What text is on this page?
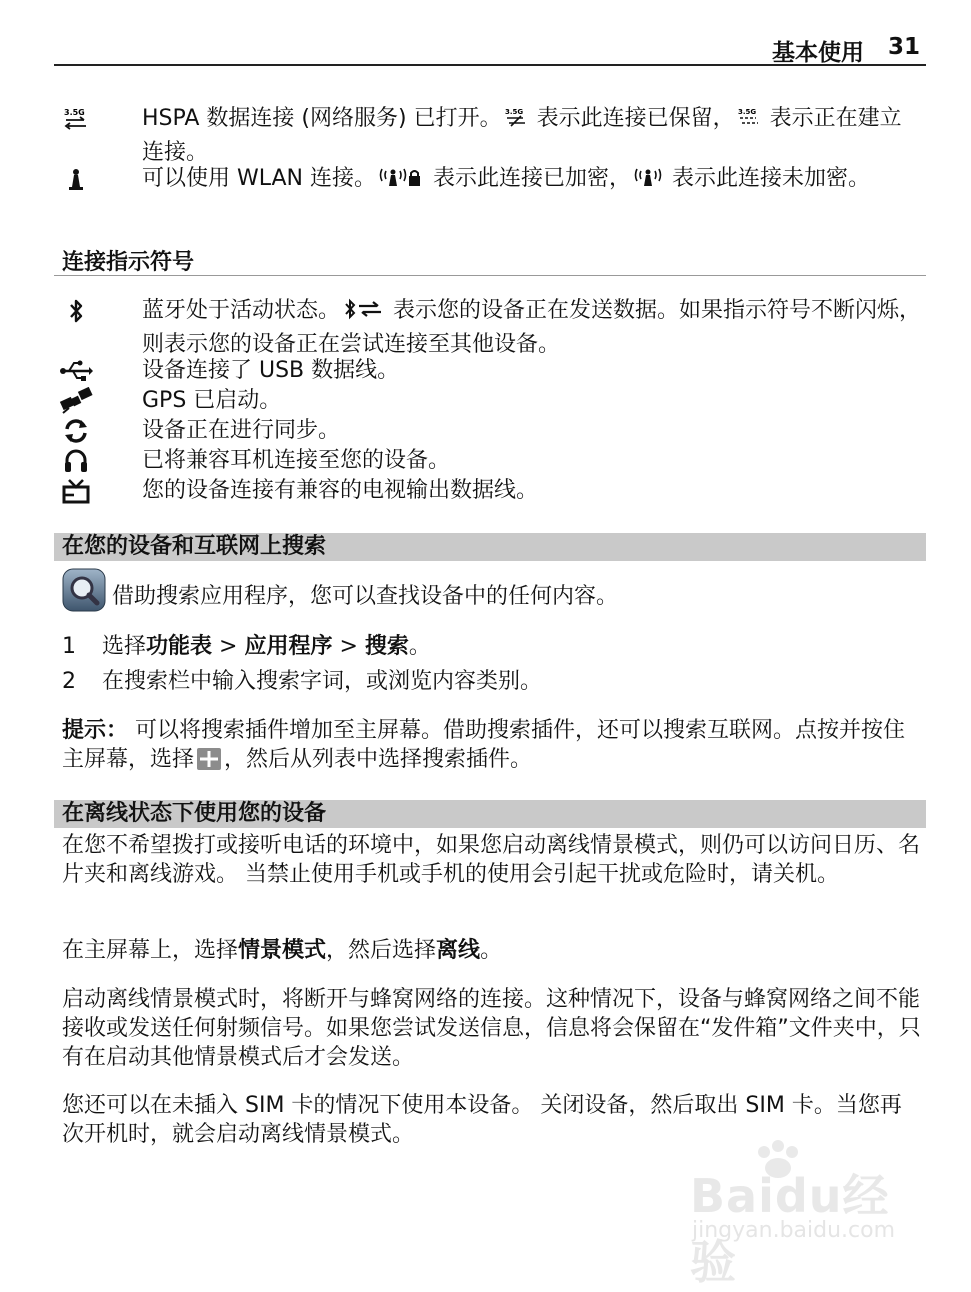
基本使用 31
3.5G	HSPA 数据连接 (网络服务) 已打开。 3.5G 表示此连接已保留， 3.5G 表示正在建立连接。
可以使用 WLAN 连接。 表示此连接已加密， 表示此连接未加密。
连接指示符号
蓝牙处于活动状态。 表示您的设备正在发送数据。如果指示符号不断闪烁，则表示您的设备正在尝试连接至其他设备。
设备连接了 USB 数据线。
GPS 已启动。
设备正在进行同步。
已将兼容耳机连接至您的设备。
您的设备连接有兼容的电视输出数据线。
在您的设备和互联网上搜索
借助搜索应用程序，您可以查找设备中的任何内容。
1 选择功能表 > 应用程序 > 搜索。
2 在搜索栏中输入搜索字词，或浏览内容类别。
提示： 可以将搜索插件增加至主屏幕。借助搜索插件，还可以搜索互联网。点按并按住主屏幕，选择 ，然后从列表中选择搜索插件。
在离线状态下使用您的设备
在您不希望拨打或接听电话的环境中，如果您启动离线情景模式，则仍可以访问日历、名片夹和离线游戏。 当禁止使用手机或手机的使用会引起干扰或危险时，请关机。
在主屏幕上，选择情景模式，然后选择离线。
启动离线情景模式时，将断开与蜂窝网络的连接。这种情况下，设备与蜂窝网络之间不能接收或发送任何射频信号。如果您尝试发送信息，信息将会保留在“发件箱”文件夹中，只有在启动其他情景模式后才会发送。
您还可以在未插入 SIM 卡的情况下使用本设备。 关闭设备，然后取出 SIM 卡。当您再次开机时，就会启动离线情景模式。
Baidu经验
jingyan.baidu.com
